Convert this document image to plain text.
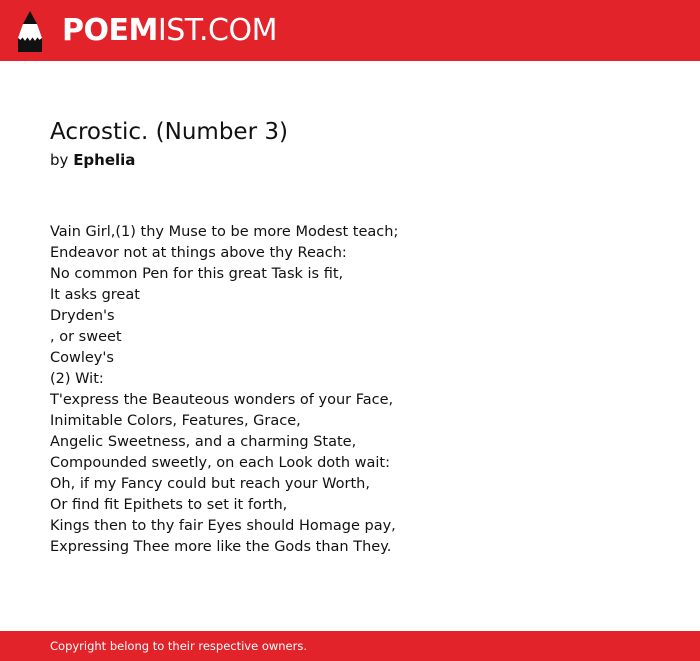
POEMIST.COM
Acrostic. (Number 3)
by Ephelia
Vain Girl,(1) thy Muse to be more Modest teach;
Endeavor not at things above thy Reach:
No common Pen for this great Task is fit,
It asks great
Dryden's
, or sweet
Cowley's
(2) Wit:
T'express the Beauteous wonders of your Face,
Inimitable Colors, Features, Grace,
Angelic Sweetness, and a charming State,
Compounded sweetly, on each Look doth wait:
Oh, if my Fancy could but reach your Worth,
Or find fit Epithets to set it forth,
Kings then to thy fair Eyes should Homage pay,
Expressing Thee more like the Gods than They.
Copyright belong to their respective owners.
